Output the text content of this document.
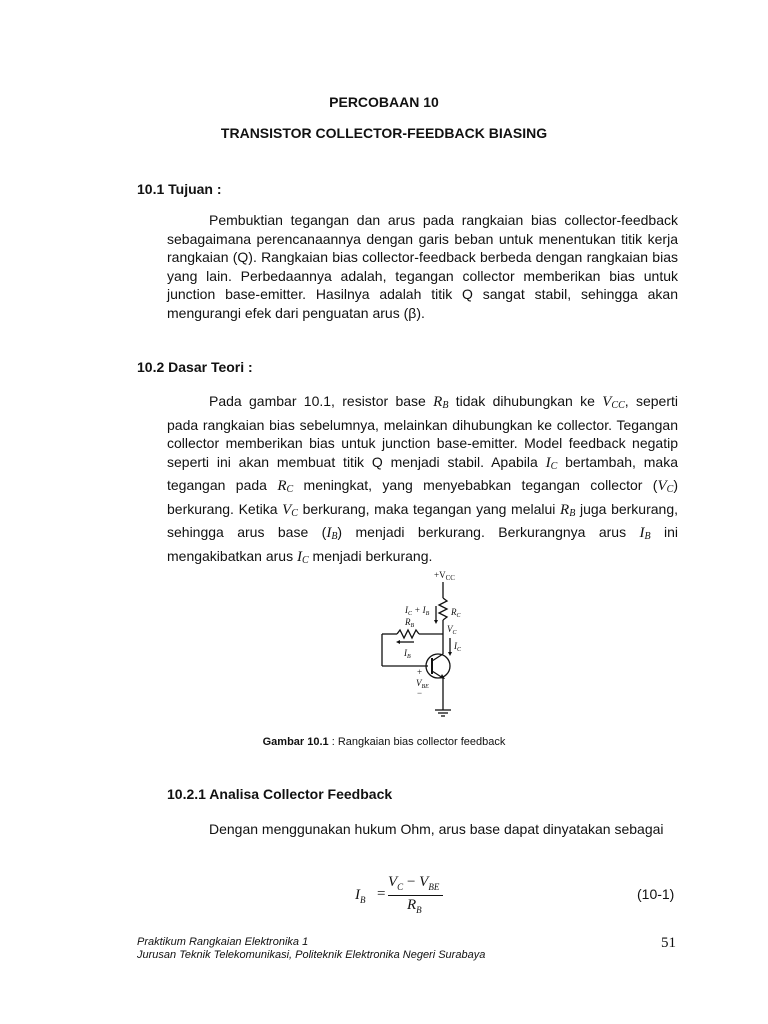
PERCOBAAN 10
TRANSISTOR COLLECTOR-FEEDBACK BIASING
10.1 Tujuan :
Pembuktian tegangan dan arus pada rangkaian bias collector-feedback sebagaimana perencanaannya dengan garis beban untuk menentukan titik kerja rangkaian (Q). Rangkaian bias collector-feedback berbeda dengan rangkaian bias yang lain. Perbedaannya adalah, tegangan collector memberikan bias untuk junction base-emitter. Hasilnya adalah titik Q sangat stabil, sehingga akan mengurangi efek dari penguatan arus (β).
10.2 Dasar Teori :
Pada gambar 10.1, resistor base $R_B$ tidak dihubungkan ke $V_{CC}$, seperti pada rangkaian bias sebelumnya, melainkan dihubungkan ke collector. Tegangan collector memberikan bias untuk junction base-emitter. Model feedback negatip seperti ini akan membuat titik Q menjadi stabil. Apabila $I_C$ bertambah, maka tegangan pada $R_C$ meningkat, yang menyebabkan tegangan collector $(V_C)$ berkurang. Ketika $V_C$ berkurang, maka tegangan yang melalui $R_B$ juga berkurang, sehingga arus base $(I_B)$ menjadi berkurang. Berkurangnya arus $I_B$ ini mengakibatkan arus $I_C$ menjadi berkurang.
$+V_{CC}$
$I_C + I_B$ $R_C$
$R_B$	$V_C$
$I_C$
$I_B$
+
$V_{BE}$
−
Gambar 10.1 : Rangkaian bias collector feedback
10.2.1 Analisa Collector Feedback
Dengan menggunakan hukum Ohm, arus base dapat dinyatakan sebagai
$I_B$ =
$V_C - V_{BE}$
$R_B$
(10-1)
Praktikum Rangkaian Elektronika 1
Jurusan Teknik Telekomunikasi, Politeknik Elektronika Negeri Surabaya
51
